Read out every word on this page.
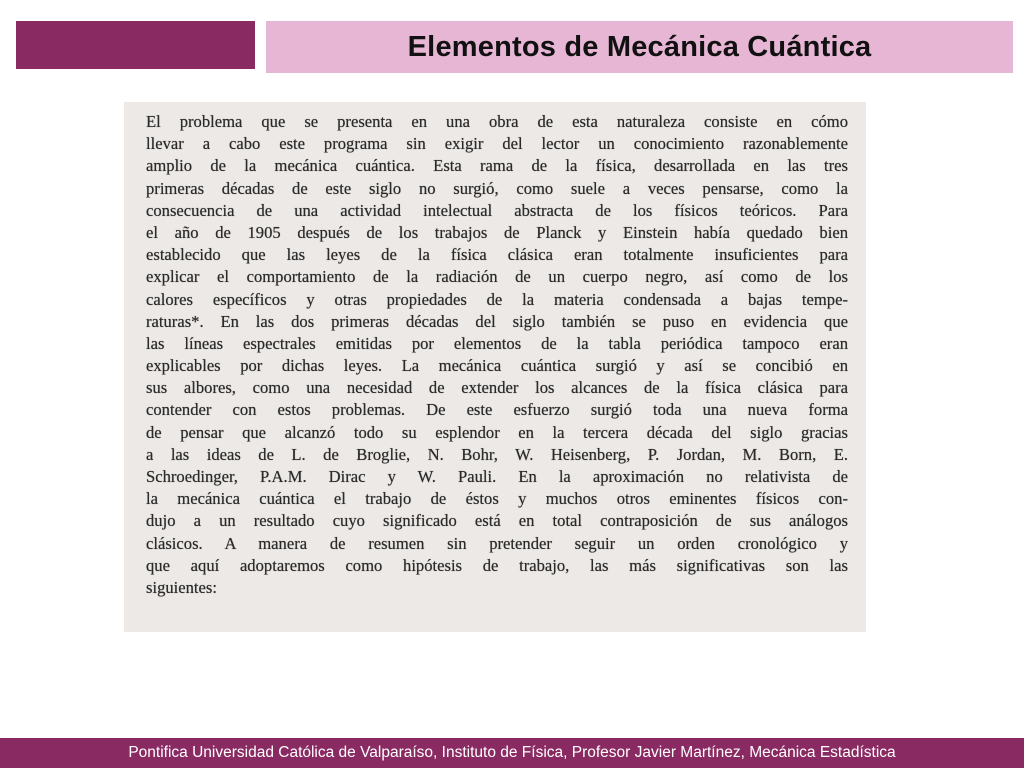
Elementos de Mecánica Cuántica
El problema que se presenta en una obra de esta naturaleza consiste en cómo
llevar a cabo este programa sin exigir del lector un conocimiento razonablemente
amplio de la mecánica cuántica. Esta rama de la física, desarrollada en las tres
primeras décadas de este siglo no surgió, como suele a veces pensarse, como la
consecuencia de una actividad intelectual abstracta de los físicos teóricos. Para
el año de 1905 después de los trabajos de Planck y Einstein había quedado bien
establecido que las leyes de la física clásica eran totalmente insuficientes para
explicar el comportamiento de la radiación de un cuerpo negro, así como de los
calores específicos y otras propiedades de la materia condensada a bajas tempe-
raturas*. En las dos primeras décadas del siglo también se puso en evidencia que
las líneas espectrales emitidas por elementos de la tabla periódica tampoco eran
explicables por dichas leyes. La mecánica cuántica surgió y así se concibió en
sus albores, como una necesidad de extender los alcances de la física clásica para
contender con estos problemas. De este esfuerzo surgió toda una nueva forma
de pensar que alcanzó todo su esplendor en la tercera década del siglo gracias
a las ideas de L. de Broglie, N. Bohr, W. Heisenberg, P. Jordan, M. Born, E.
Schroedinger, P.A.M. Dirac y W. Pauli. En la aproximación no relativista de
la mecánica cuántica el trabajo de éstos y muchos otros eminentes físicos con-
dujo a un resultado cuyo significado está en total contraposición de sus análogos
clásicos. A manera de resumen sin pretender seguir un orden cronológico y
que aquí adoptaremos como hipótesis de trabajo, las más significativas son las
siguientes:
Pontifica Universidad Católica de Valparaíso, Instituto de Física, Profesor Javier Martínez, Mecánica Estadística
